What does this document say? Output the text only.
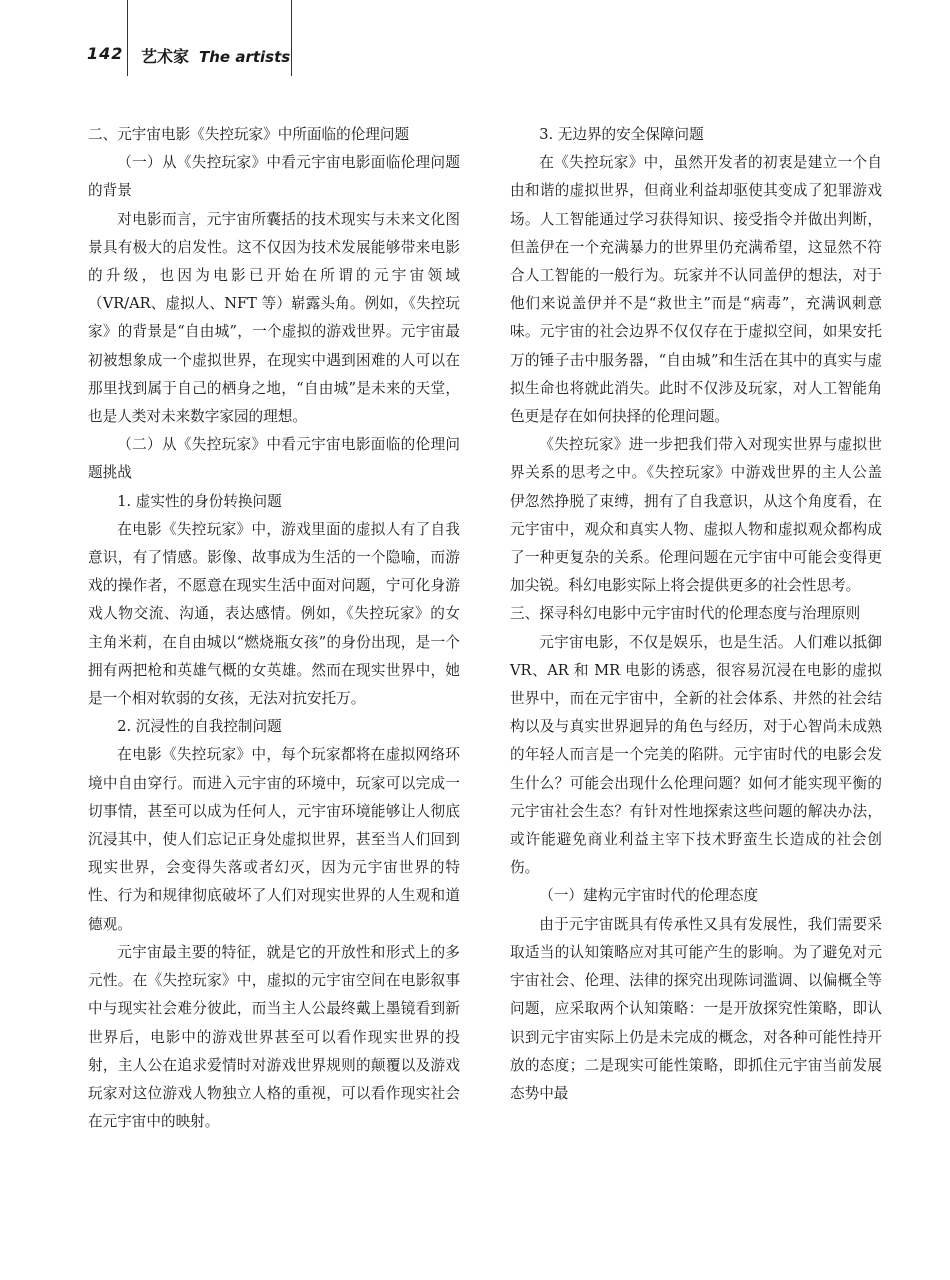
142 艺术家 The artists

二、元宇宙电影《失控玩家》中所面临的伦理问题

（一）从《失控玩家》中看元宇宙电影面临伦理问题的背景

对电影而言，元宇宙所囊括的技术现实与未来文化图景具有极大的启发性。这不仅因为技术发展能够带来电影的升级，也因为电影已开始在所谓的元宇宙领域（VR/AR、虚拟人、NFT 等）崭露头角。例如，《失控玩家》的背景是“自由城”，一个虚拟的游戏世界。元宇宙最初被想象成一个虚拟世界，在现实中遇到困难的人可以在那里找到属于自己的栖身之地，“自由城”是未来的天堂，也是人类对未来数字家园的理想。

（二）从《失控玩家》中看元宇宙电影面临的伦理问题挑战

1. 虚实性的身份转换问题

在电影《失控玩家》中，游戏里面的虚拟人有了自我意识，有了情感。影像、故事成为生活的一个隐喻，而游戏的操作者，不愿意在现实生活中面对问题，宁可化身游戏人物交流、沟通，表达感情。例如，《失控玩家》的女主角米莉，在自由城以“燃烧瓶女孩”的身份出现，是一个拥有两把枪和英雄气概的女英雄。然而在现实世界中，她是一个相对软弱的女孩，无法对抗安托万。

2. 沉浸性的自我控制问题

在电影《失控玩家》中，每个玩家都将在虚拟网络环境中自由穿行。而进入元宇宙的环境中，玩家可以完成一切事情，甚至可以成为任何人，元宇宙环境能够让人彻底沉浸其中，使人们忘记正身处虚拟世界，甚至当人们回到现实世界，会变得失落或者幻灭，因为元宇宙世界的特性、行为和规律彻底破坏了人们对现实世界的人生观和道德观。

元宇宙最主要的特征，就是它的开放性和形式上的多元性。在《失控玩家》中，虚拟的元宇宙空间在电影叙事中与现实社会难分彼此，而当主人公最终戴上墨镜看到新世界后，电影中的游戏世界甚至可以看作现实世界的投射，主人公在追求爱情时对游戏世界规则的颠覆以及游戏玩家对这位游戏人物独立人格的重视，可以看作现实社会在元宇宙中的映射。

3. 无边界的安全保障问题

在《失控玩家》中，虽然开发者的初衷是建立一个自由和谐的虚拟世界，但商业利益却驱使其变成了犯罪游戏场。人工智能通过学习获得知识、接受指令并做出判断，但盖伊在一个充满暴力的世界里仍充满希望，这显然不符合人工智能的一般行为。玩家并不认同盖伊的想法，对于他们来说盖伊并不是“救世主”而是“病毒”，充满讽刺意味。元宇宙的社会边界不仅仅存在于虚拟空间，如果安托万的锤子击中服务器，“自由城”和生活在其中的真实与虚拟生命也将就此消失。此时不仅涉及玩家，对人工智能角色更是存在如何抉择的伦理问题。

《失控玩家》进一步把我们带入对现实世界与虚拟世界关系的思考之中。《失控玩家》中游戏世界的主人公盖伊忽然挣脱了束缚，拥有了自我意识，从这个角度看，在元宇宙中，观众和真实人物、虚拟人物和虚拟观众都构成了一种更复杂的关系。伦理问题在元宇宙中可能会变得更加尖锐。科幻电影实际上将会提供更多的社会性思考。

三、探寻科幻电影中元宇宙时代的伦理态度与治理原则

元宇宙电影，不仅是娱乐，也是生活。人们难以抵御 VR、AR 和 MR 电影的诱惑，很容易沉浸在电影的虚拟世界中，而在元宇宙中，全新的社会体系、井然的社会结构以及与真实世界迥异的角色与经历，对于心智尚未成熟的年轻人而言是一个完美的陷阱。元宇宙时代的电影会发生什么？可能会出现什么伦理问题？如何才能实现平衡的元宇宙社会生态？有针对性地探索这些问题的解决办法，或许能避免商业利益主宰下技术野蛮生长造成的社会创伤。

（一）建构元宇宙时代的伦理态度

由于元宇宙既具有传承性又具有发展性，我们需要采取适当的认知策略应对其可能产生的影响。为了避免对元宇宙社会、伦理、法律的探究出现陈词滥调、以偏概全等问题，应采取两个认知策略：一是开放探究性策略，即认识到元宇宙实际上仍是未完成的概念，对各种可能性持开放的态度；二是现实可能性策略，即抓住元宇宙当前发展态势中最
